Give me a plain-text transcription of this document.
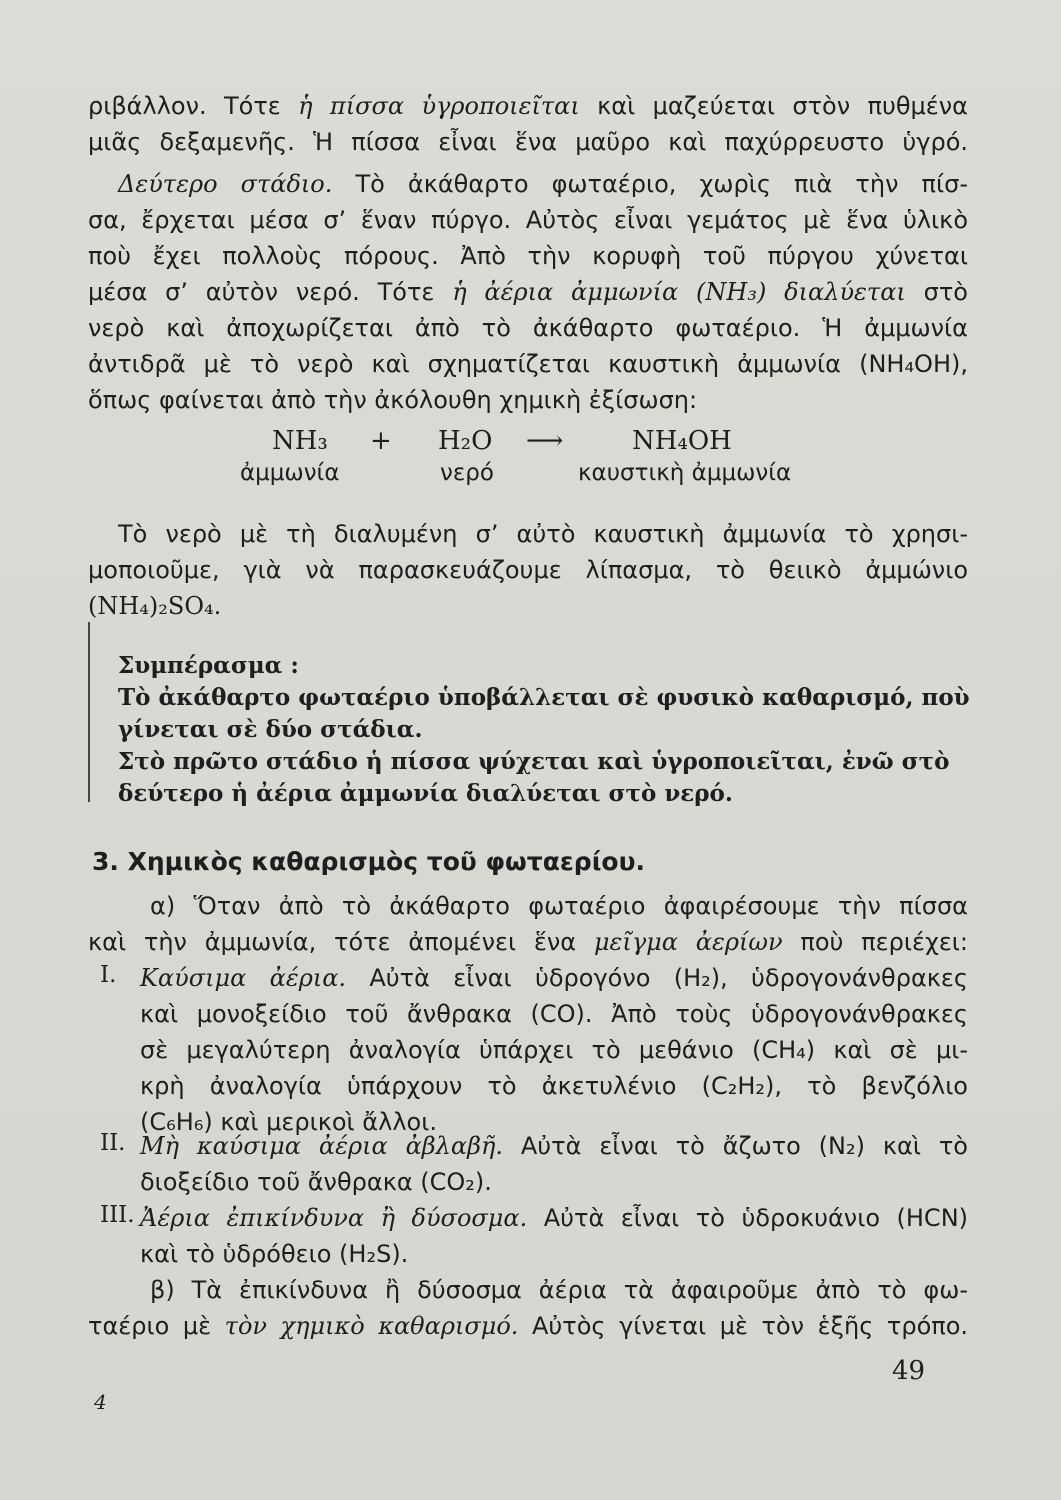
ριβάλλον. Τότε ἡ πίσσα ὑγροποιεῖται καὶ μαζεύεται στὸν πυθμένα
μιᾶς δεξαμενῆς. Ἡ πίσσα εἶναι ἕνα μαῦρο καὶ παχύρρευστο ὑγρό.
Δεύτερο στάδιο. Τὸ ἀκάθαρτο φωταέριο, χωρὶς πιὰ τὴν πίσ-
σα, ἔρχεται μέσα σ’ ἕναν πύργο. Αὐτὸς εἶναι γεμάτος μὲ ἕνα ὑλικὸ
ποὺ ἔχει πολλοὺς πόρους. Ἀπὸ τὴν κορυφὴ τοῦ πύργου χύνεται
μέσα σ’ αὐτὸν νερό. Τότε ἡ ἀέρια ἀμμωνία (NH₃) διαλύεται στὸ
νερὸ καὶ ἀποχωρίζεται ἀπὸ τὸ ἀκάθαρτο φωταέριο. Ἡ ἀμμωνία
ἀντιδρᾶ μὲ τὸ νερὸ καὶ σχηματίζεται καυστικὴ ἀμμωνία (NH₄OH),
ὅπως φαίνεται ἀπὸ τὴν ἀκόλουθη χημικὴ ἐξίσωση:
NH₃ + H₂O ⟶	NH₄OH
ἀμμωνία	νερό	καυστικὴ ἀμμωνία
Τὸ νερὸ μὲ τὴ διαλυμένη σ’ αὐτὸ καυστικὴ ἀμμωνία τὸ χρησι-
μοποιοῦμε, γιὰ νὰ παρασκευάζουμε λίπασμα, τὸ θειικὸ ἀμμώνιο
(NH₄)₂SO₄.
Συμπέρασμα :
Τὸ ἀκάθαρτο φωταέριο ὑποβάλλεται σὲ φυσικὸ καθαρισμό, ποὺ
γίνεται σὲ δύο στάδια.
Στὸ πρῶτο στάδιο ἡ πίσσα ψύχεται καὶ ὑγροποιεῖται, ἐνῶ στὸ
δεύτερο ἡ ἀέρια ἀμμωνία διαλύεται στὸ νερό.
3. Χημικὸς καθαρισμὸς τοῦ φωταερίου.
α) Ὅταν ἀπὸ τὸ ἀκάθαρτο φωταέριο ἀφαιρέσουμε τὴν πίσσα
καὶ τὴν ἀμμωνία, τότε ἀπομένει ἕνα μεῖγμα ἀερίων ποὺ περιέχει:
I. Καύσιμα ἀέρια. Αὐτὰ εἶναι ὑδρογόνο (H₂), ὑδρογονάνθρακες
καὶ μονοξείδιο τοῦ ἄνθρακα (CO). Ἀπὸ τοὺς ὑδρογονάνθρακες
σὲ μεγαλύτερη ἀναλογία ὑπάρχει τὸ μεθάνιο (CH₄) καὶ σὲ μι-
κρὴ ἀναλογία ὑπάρχουν τὸ ἀκετυλένιο (C₂H₂), τὸ βενζόλιο
(C₆H₆) καὶ μερικοὶ ἄλλοι.
II. Μὴ καύσιμα ἀέρια ἀβλαβῆ. Αὐτὰ εἶναι τὸ ἄζωτο (N₂) καὶ τὸ
διοξείδιο τοῦ ἄνθρακα (CO₂).
III. Ἀέρια ἐπικίνδυνα ἢ δύσοσμα. Αὐτὰ εἶναι τὸ ὑδροκυάνιο (HCN)
καὶ τὸ ὑδρόθειο (H₂S).
β) Τὰ ἐπικίνδυνα ἢ δύσοσμα ἀέρια τὰ ἀφαιροῦμε ἀπὸ τὸ φω-
ταέριο μὲ τὸν χημικὸ καθαρισμό. Αὐτὸς γίνεται μὲ τὸν ἑξῆς τρόπο.
49
4
